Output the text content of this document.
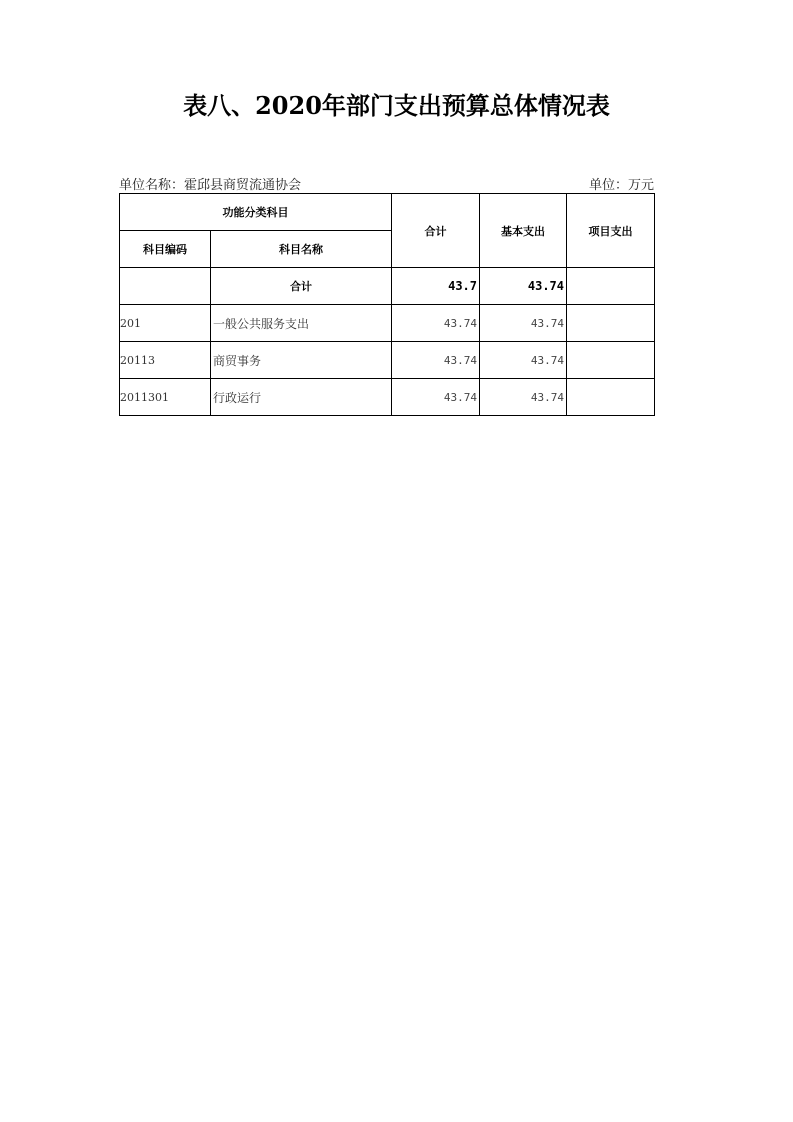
表八、2020年部门支出预算总体情况表
单位名称：霍邱县商贸流通协会	单位：万元
功能分类科目		合计	基本支出	项目支出
科目编码	科目名称			
	合计	43.7	43.74	
201	一般公共服务支出	43.74	43.74	
20113	商贸事务	43.74	43.74	
2011301	行政运行	43.74	43.74	
